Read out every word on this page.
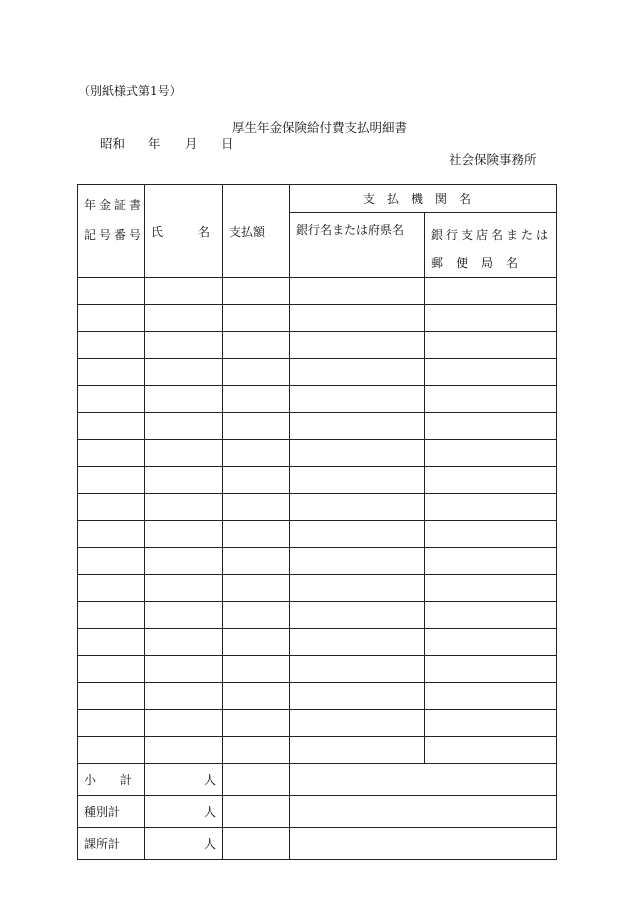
（別紙様式第1号）
厚生年金保険給付費支払明細書
昭和 年 月 日
社会保険事務所
年金証書
記号番号	氏 名	支払額	支払機関名	
			銀行名または府県名	銀行支店名または
郵便局名

小　　計	人			
種別計	人			
課所計	人			
